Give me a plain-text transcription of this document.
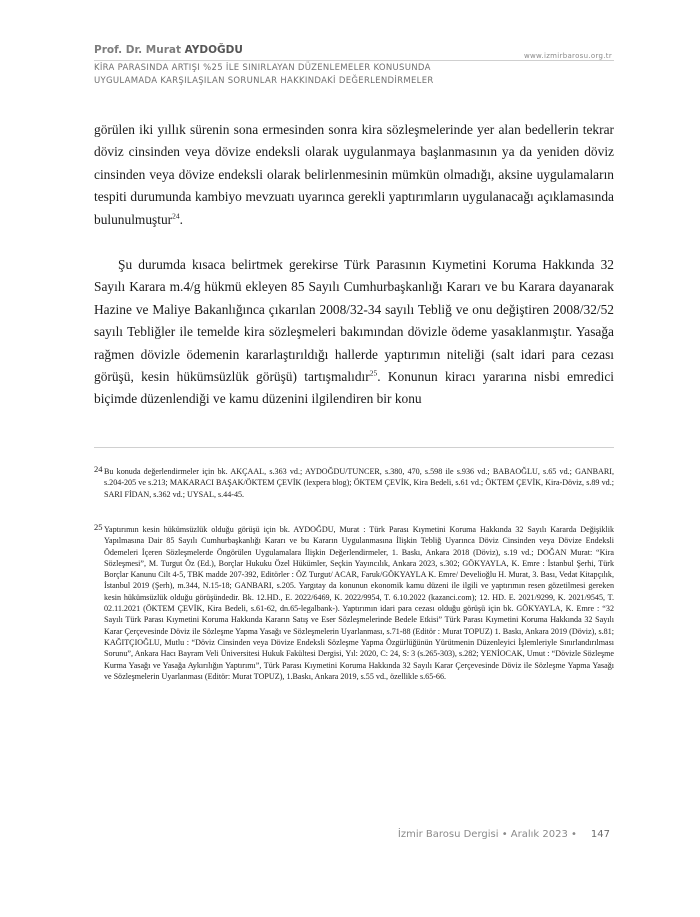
Prof. Dr. Murat AYDOĞDU	www.izmirbarosu.org.tr
KİRA PARASINDA ARTIŞI %25 İLE SINIRLAYAN DÜZENLEMELER KONUSUNDA UYGULAMADA KARŞILAŞILAN SORUNLAR HAKKINDAKİ DEĞERLENDİRMELER
görülen iki yıllık sürenin sona ermesinden sonra kira sözleşmelerinde yer alan bedellerin tekrar döviz cinsinden veya dövize endeksli olarak uygulanmaya başlanmasının ya da yeniden döviz cinsinden veya dövize endeksli olarak belirlenmesinin mümkün olmadığı, aksine uygulamaların tespiti durumunda kambiyo mevzuatı uyarınca gerekli yaptırımların uygulanacağı açıklamasında bulunulmuştur$^{24}$.
Şu durumda kısaca belirtmek gerekirse Türk Parasının Kıymetini Koruma Hakkında 32 Sayılı Karara m.4/g hükmü ekleyen 85 Sayılı Cumhurbaşkanlığı Kararı ve bu Karara dayanarak Hazine ve Maliye Bakanlığınca çıkarılan 2008/32-34 sayılı Tebliğ ve onu değiştiren 2008/32/52 sayılı Tebliğler ile temelde kira sözleşmeleri bakımından dövizle ödeme yasaklanmıştır. Yasağa rağmen dövizle ödemenin kararlaştırıldığı hallerde yaptırımın niteliği (salt idari para cezası görüşü, kesin hükümsüzlük görüşü) tartışmalıdır$^{25}$. Konunun kiracı yararına nisbi emredici biçimde düzenlendiği ve kamu düzenini ilgilendiren bir konu
24 Bu konuda değerlendirmeler için bk. AKÇAAL, s.363 vd.; AYDOĞDU/TUNCER, s.380, 470, s.598 ile s.936 vd.; BABAOĞLU, s.65 vd.; GANBARI, s.204-205 ve s.213; MAKARACI BAŞAK/ÖKTEM ÇEVİK (lexpera blog); ÖKTEM ÇEVİK, Kira Bedeli, s.61 vd.; ÖKTEM ÇEVİK, Kira-Döviz, s.89 vd.; SARI FİDAN, s.362 vd.; UYSAL, s.44-45.
25 Yaptırımın kesin hükümsüzlük olduğu görüşü için bk. AYDOĞDU, Murat : Türk Parası Kıymetini Koruma Hakkında 32 Sayılı Kararda Değişiklik Yapılmasına Dair 85 Sayılı Cumhurbaşkanlığı Kararı ve bu Kararın Uygulanmasına İlişkin Tebliğ Uyarınca Döviz Cinsinden veya Dövize Endeksli Ödemeleri İçeren Sözleşmelerde Öngörülen Uygulamalara İlişkin Değerlendirmeler, 1. Baskı, Ankara 2018 (Döviz), s.19 vd.; DOĞAN Murat: “Kira Sözleşmesi”, M. Turgut Öz (Ed.), Borçlar Hukuku Özel Hükümler, Seçkin Yayıncılık, Ankara 2023, s.302; GÖKYAYLA, K. Emre : İstanbul Şerhi, Türk Borçlar Kanunu Cilt 4-5, TBK madde 207-392, Editörler : ÖZ Turgut/ ACAR, Faruk/GÖKYAYLA K. Emre/ Develioğlu H. Murat, 3. Bası, Vedat Kitapçılık, İstanbul 2019 (Şerh), m.344, N.15-18; GANBARI, s.205. Yargıtay da konunun ekonomik kamu düzeni ile ilgili ve yaptırımın resen gözetilmesi gereken kesin hükümsüzlük olduğu görüşündedir. Bk. 12.HD., E. 2022/6469, K. 2022/9954, T. 6.10.2022 (kazanci.com); 12. HD. E. 2021/9299, K. 2021/9545, T. 02.11.2021 (ÖKTEM ÇEVİK, Kira Bedeli, s.61-62, dn.65-legalbank-). Yaptırımın idari para cezası olduğu görüşü için bk. GÖKYAYLA, K. Emre : “32 Sayılı Türk Parası Kıymetini Koruma Hakkında Kararın Satış ve Eser Sözleşmelerinde Bedele Etkisi” Türk Parası Kıymetini Koruma Hakkında 32 Sayılı Karar Çerçevesinde Döviz ile Sözleşme Yapma Yasağı ve Sözleşmelerin Uyarlanması, s.71-88 (Editör : Murat TOPUZ) 1. Baskı, Ankara 2019 (Döviz), s.81; KAĞITÇIOĞLU, Mutlu : “Döviz Cinsinden veya Dövize Endeksli Sözleşme Yapma Özgürlüğünün Yürütmenin Düzenleyici İşlemleriyle Sınırlandırılması Sorunu”, Ankara Hacı Bayram Veli Üniversitesi Hukuk Fakültesi Dergisi, Yıl: 2020, C: 24, S: 3 (s.265-303), s.282; YENİOCAK, Umut : “Dövizle Sözleşme Kurma Yasağı ve Yasağa Aykırılığın Yaptırımı”, Türk Parası Kıymetini Koruma Hakkında 32 Sayılı Karar Çerçevesinde Döviz ile Sözleşme Yapma Yasağı ve Sözleşmelerin Uyarlanması (Editör: Murat TOPUZ), 1.Baskı, Ankara 2019, s.55 vd., özellikle s.65-66.
İzmir Barosu Dergisi • Aralık 2023 • 147
